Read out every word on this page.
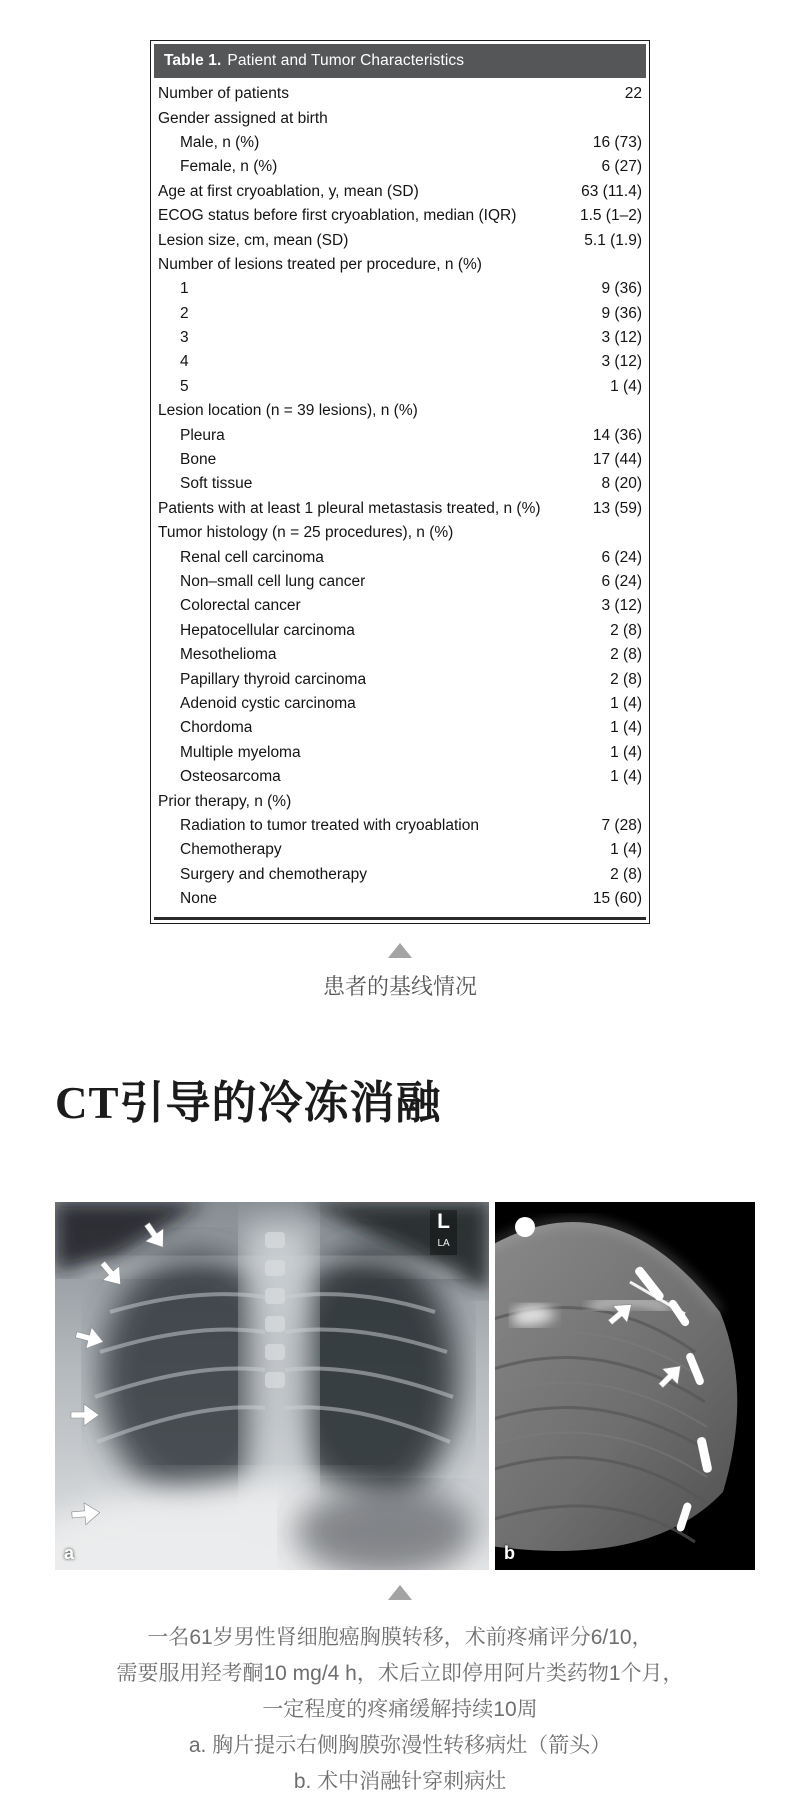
Table 1. Patient and Tumor Characteristics
Number of patients	22
Gender assigned at birth
Male, n (%)	16 (73)
Female, n (%)	6 (27)
Age at first cryoablation, y, mean (SD)	63 (11.4)
ECOG status before first cryoablation, median (IQR)	1.5 (1–2)
Lesion size, cm, mean (SD)	5.1 (1.9)
Number of lesions treated per procedure, n (%)
1	9 (36)
2	9 (36)
3	3 (12)
4	3 (12)
5	1 (4)
Lesion location (n = 39 lesions), n (%)
Pleura	14 (36)
Bone	17 (44)
Soft tissue	8 (20)
Patients with at least 1 pleural metastasis treated, n (%)	13 (59)
Tumor histology (n = 25 procedures), n (%)
Renal cell carcinoma	6 (24)
Non–small cell lung cancer	6 (24)
Colorectal cancer	3 (12)
Hepatocellular carcinoma	2 (8)
Mesothelioma	2 (8)
Papillary thyroid carcinoma	2 (8)
Adenoid cystic carcinoma	1 (4)
Chordoma	1 (4)
Multiple myeloma	1 (4)
Osteosarcoma	1 (4)
Prior therapy, n (%)
Radiation to tumor treated with cryoablation	7 (28)
Chemotherapy	1 (4)
Surgery and chemotherapy	2 (8)
None	15 (60)
患者的基线情况
CT引导的冷冻消融
L
LA
a	b
一名61岁男性肾细胞癌胸膜转移，术前疼痛评分6/10，
需要服用羟考酮10 mg/4 h，术后立即停用阿片类药物1个月，
一定程度的疼痛缓解持续10周
a. 胸片提示右侧胸膜弥漫性转移病灶（箭头）
b. 术中消融针穿刺病灶
